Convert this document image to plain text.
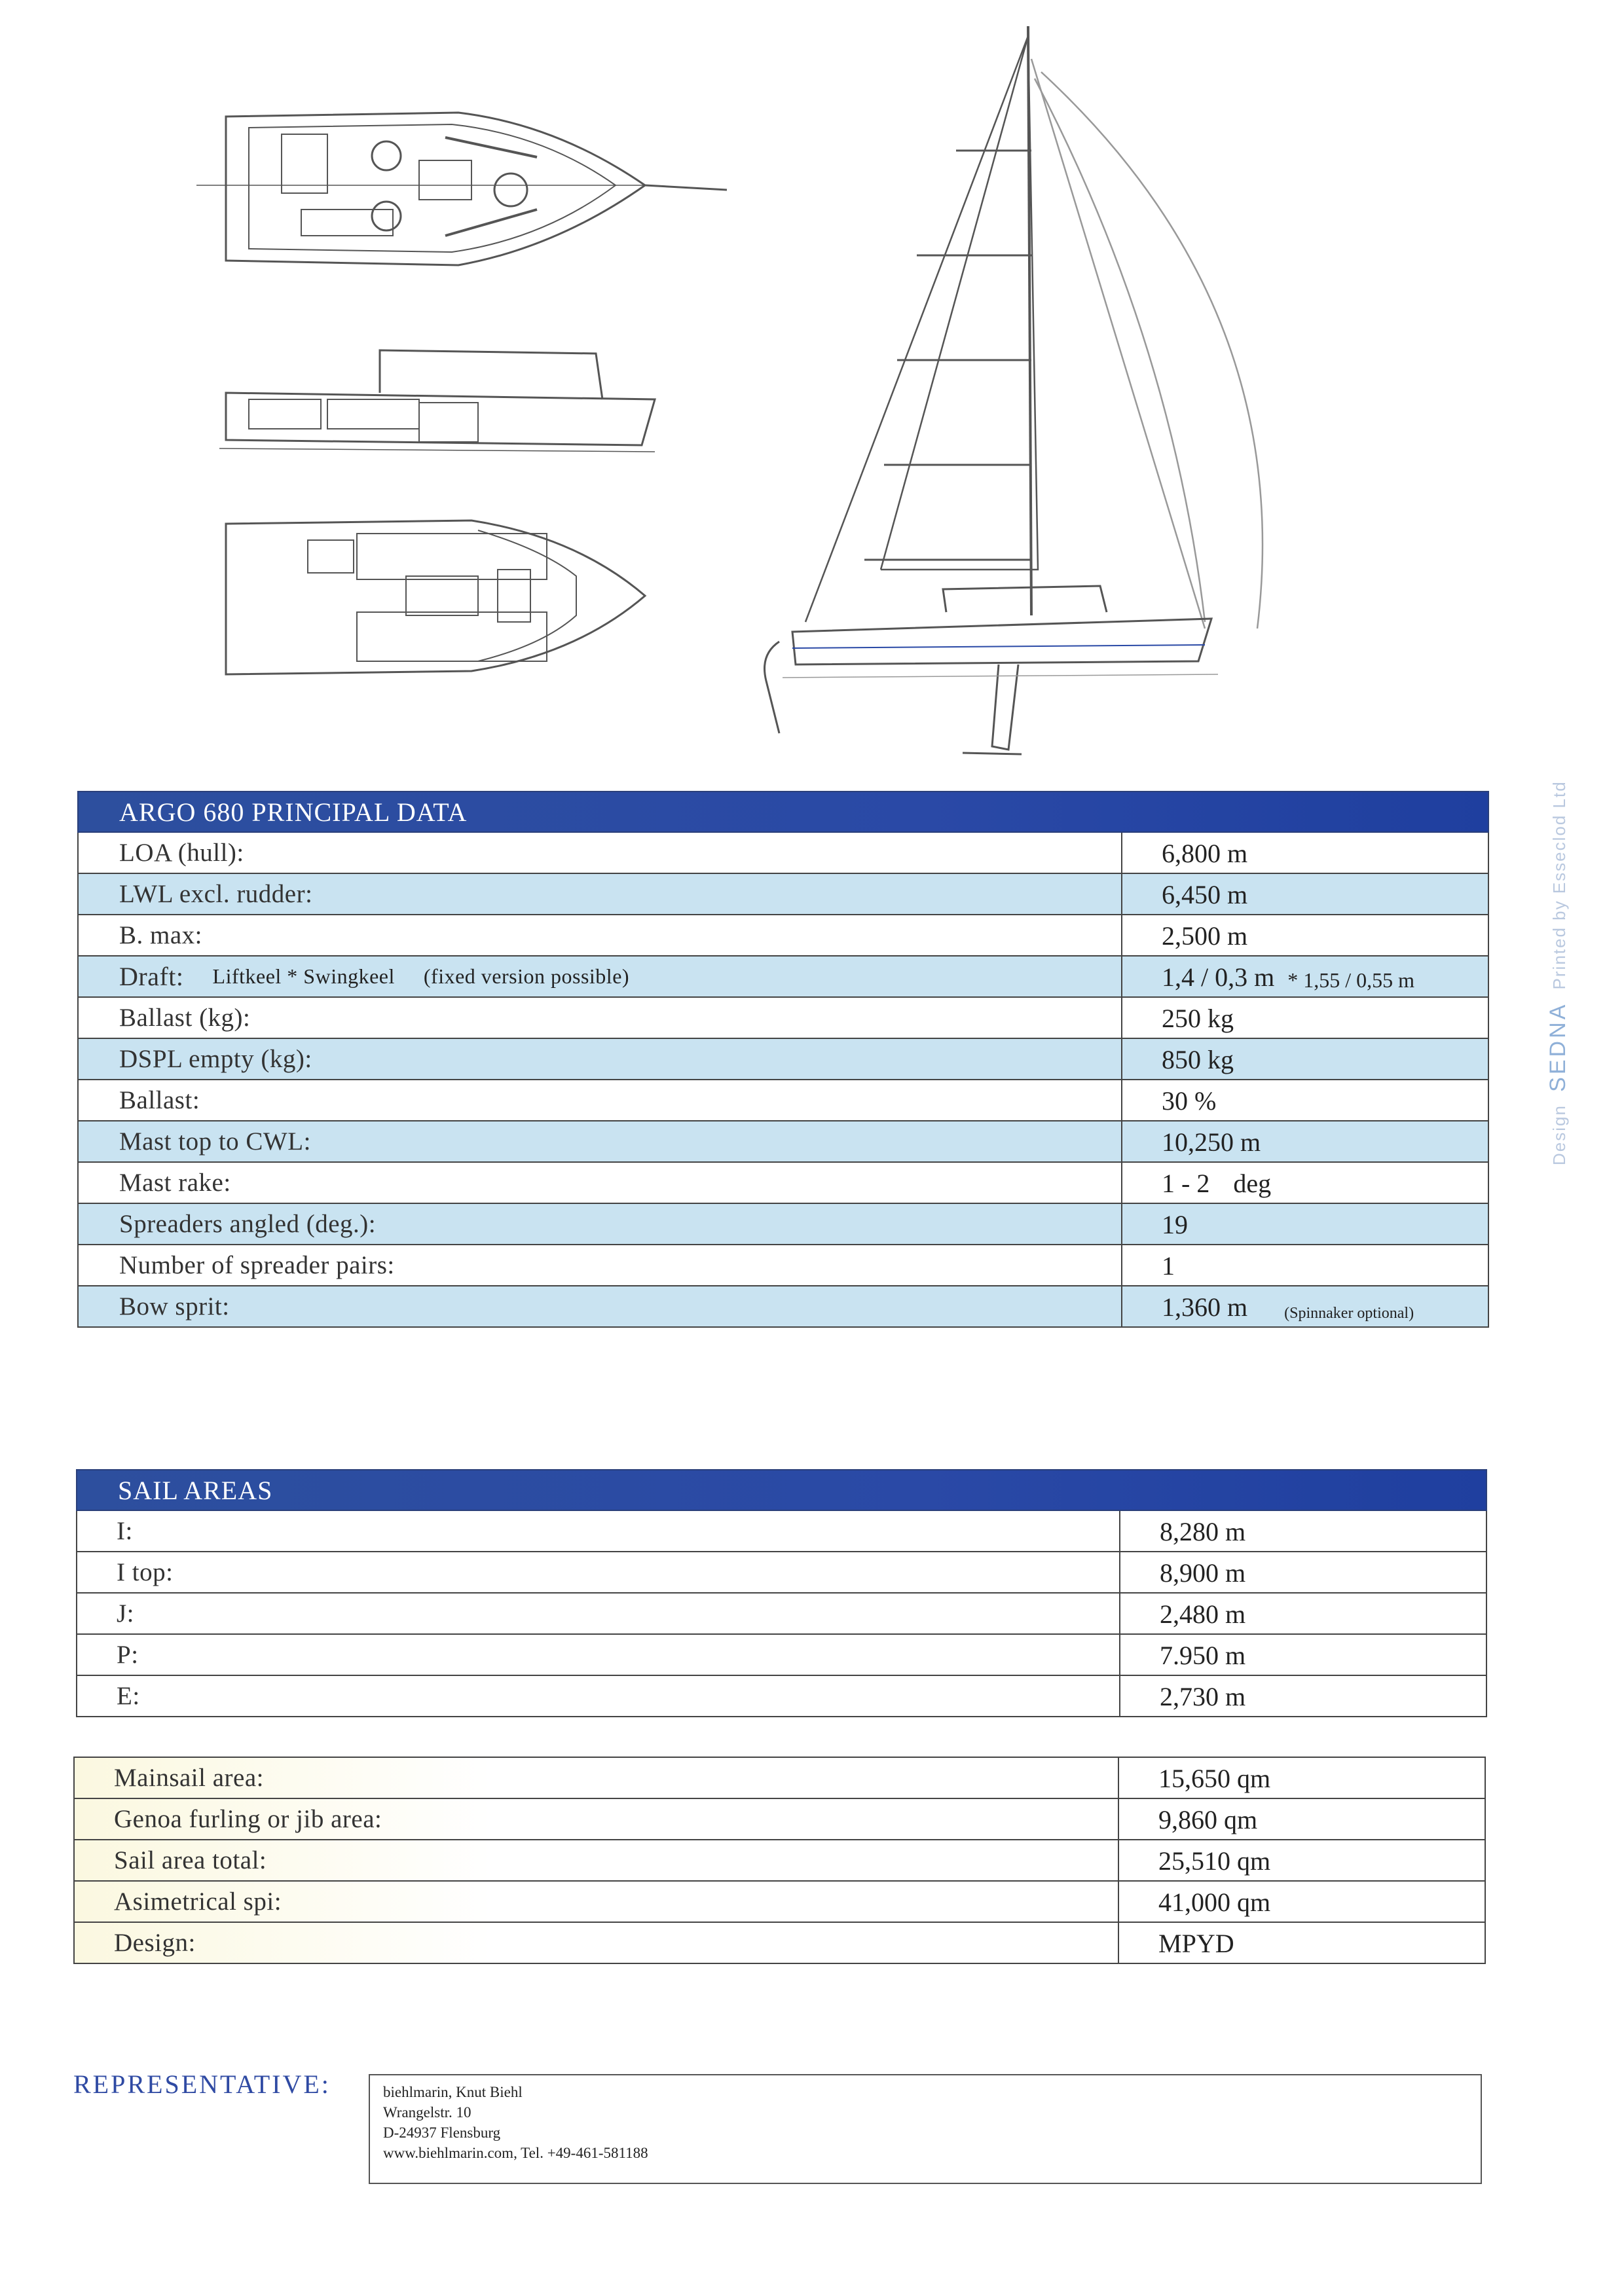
ARGO 680 PRINCIPAL DATA
LOA (hull):	6,800 m
LWL excl. rudder:	6,450 m
B. max:	2,500 m
Draft: Liftkeel * Swingkeel (fixed version possible)	1,4 / 0,3 m * 1,55 / 0,55 m
Ballast (kg):	250 kg
DSPL empty (kg):	850 kg
Ballast:	30 %
Mast top to CWL:	10,250 m
Mast rake:	1 - 2 deg
Spreaders angled (deg.):	19
Number of spreader pairs:	1
Bow sprit:	1,360 m (Spinnaker optional)
SAIL AREAS
I:	8,280 m
I top:	8,900 m
J:	2,480 m
P:	7.950 m
E:	2,730 m
Mainsail area:	15,650 qm
Genoa furling or jib area:	9,860 qm
Sail area total:	25,510 qm
Asimetrical spi:	41,000 qm
Design:	MPYD
REPRESENTATIVE:	biehlmarin, Knut Biehl
Wrangelstr. 10
D-24937 Flensburg
www.biehlmarin.com, Tel. +49-461-581188
Design SEDNA Printed by Esseclod Ltd
